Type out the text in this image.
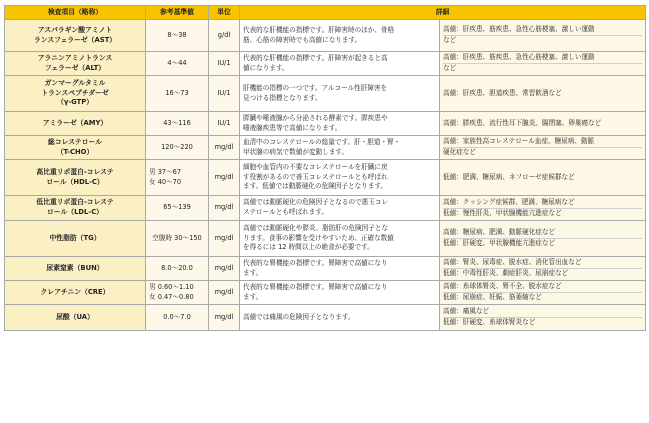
検査項目（略称）	参考基準値	単位	詳細	

アスパラギン酸アミノト
ランスフェラーゼ（AST）	8～38	g/dl	代表的な肝機能の指標です。肝障害時のほか、骨格
筋、心筋の障害時でも高値になります。	高値：肝疾患、筋疾患、急性心筋梗塞、激しい運動
など

アラニンアミノトランス
フェラーゼ（ALT）	4～44	IU/1	代表的な肝機能の指標です。肝障害が起きると高
値になります。	高値：肝疾患、筋疾患、急性心筋梗塞、激しい運動
など

ガンマーグルタミル
トランスペプチダーゼ
（γ-GTP）	16～73	IU/1	肝機能の指標の一つです。アルコール性肝障害を
見つける指標となります。	高値：肝疾患、胆道疾患、常習飲酒など

アミラーゼ（AMY）	43～116	IU/1	膵臓や唾液腺から分泌される酵素です。膵疾患や
唾液腺疾患等で高値になります。	高値：膵疾患、流行性耳下腺炎、腸閉塞、卵巣癌など

総コレステロール
（T-CHO）	120～220	mg/dl	血清中のコレステロールの総量です。肝・胆道・腎・
甲状腺の病気で数値が変動します。	高値：家族性高コレステロール血症、糖尿病、動脈
硬化症など

高比重リポ蛋白-コレステ
ロール（HDL-C）	男 37～67
女 40～70	mg/dl	細胞や血管内の不要なコレステロールを肝臓に戻
す役割があるので善玉コレステロールとも呼ばれ
ます。低値では動脈硬化の危険因子となります。	低値：肥満、糖尿病、ネフローゼ症候群など

低比重リポ蛋白-コレステ
ロール（LDL-C）	65～139	mg/dl	高値では動脈硬化の危険因子となるので悪玉コレ
ステロールとも呼ばれます。	高値：クッシング症候群、肥満、糖尿病など
低値：慢性肝炎、甲状腺機能亢進症など

中性脂肪（TG）	空腹時 30～150	mg/dl	高値では動脈硬化や膵炎、脂肪肝の危険因子とな
ります。食事の影響を受けやすいため、正確な数値
を得るには 12 時間以上の絶食が必要です。	高値：糖尿病、肥満、動脈硬化症など
低値：肝硬変、甲状腺機能亢進症など

尿素窒素（BUN）	8.0～20.0	mg/dl	代表的な腎機能の指標です。腎障害で高値になり
ます。	高値：腎炎、尿毒症、脱水症、消化管出血など
低値：中毒性肝炎、劇症肝炎、尿崩症など

クレアチニン（CRE）	男 0.60～1.10
女 0.47～0.80	mg/dl	代表的な腎機能の指標です。腎障害で高値になり
ます。	高値：糸球体腎炎、腎不全、脱水症など
低値：尿崩症、妊娠、筋萎縮など

尿酸（UA）	0.0～7.0	mg/dl	高値では痛風の危険因子となります。	高値：痛風など
低値：肝硬変、糸球体腎炎など
